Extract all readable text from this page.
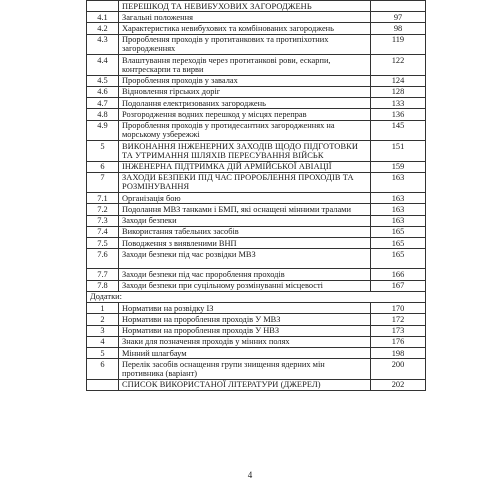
	ПЕРЕШКОД ТА НЕВИБУХОВИХ ЗАГОРОДЖЕНЬ	
4.1	Загальні положення	97
4.2	Характеристика невибухових та комбінованих загороджень	98
4.3	Пророблення проходів у протитанкових та протипіхотних загородженнях	119
4.4	Влаштування переходів через протитанкові рови, ескарпи, контрескарпи та вирви	122
4.5	Пророблення проходів у завалах	124
4.6	Відновлення гірських доріг	128
4.7	Подолання електризованих загороджень	133
4.8	Розгородження водних перешкод у місцях переправ	136
4.9	Пророблення проходів у протидесантних загородженнях на морському узбережжі	145
5	ВИКОНАННЯ ІНЖЕНЕРНИХ ЗАХОДІВ ЩОДО ПІДГОТОВКИ ТА УТРИМАННЯ ШЛЯХІВ ПЕРЕСУВАННЯ ВІЙСЬК	151
6	ІНЖЕНЕРНА ПІДТРИМКА ДІЙ АРМІЙСЬКОЇ АВІАЦІЇ	159
7	ЗАХОДИ БЕЗПЕКИ ПІД ЧАС ПРОРОБЛЕННЯ ПРОХОДІВ ТА РОЗМІНУВАННЯ	163
7.1	Організація бою	163
7.2	Подолання МВЗ танками і БМП, які оснащені мінними тралами	163
7.3	Заходи безпеки	163
7.4	Використання табельних засобів	165
7.5	Поводження з виявленими ВНП	165
7.6	Заходи безпеки під час розвідки МВЗ	165
7.7	Заходи безпеки під час пророблення проходів	166
7.8	Заходи безпеки при суцільному розмінуванні місцевості	167
Додатки:		
1	Нормативи на розвідку ІЗ	170
2	Нормативи на пророблення проходів У МВЗ	172
3	Нормативи на пророблення проходів У НВЗ	173
4	Знаки для позначення проходів у мінних полях	176
5	Мінний шлагбаум	198
6	Перелік засобів оснащення групи знищення ядерних мін противника (варіант)	200
	СПИСОК ВИКОРИСТАНОЇ ЛІТЕРАТУРИ (ДЖЕРЕЛ)	202
4
